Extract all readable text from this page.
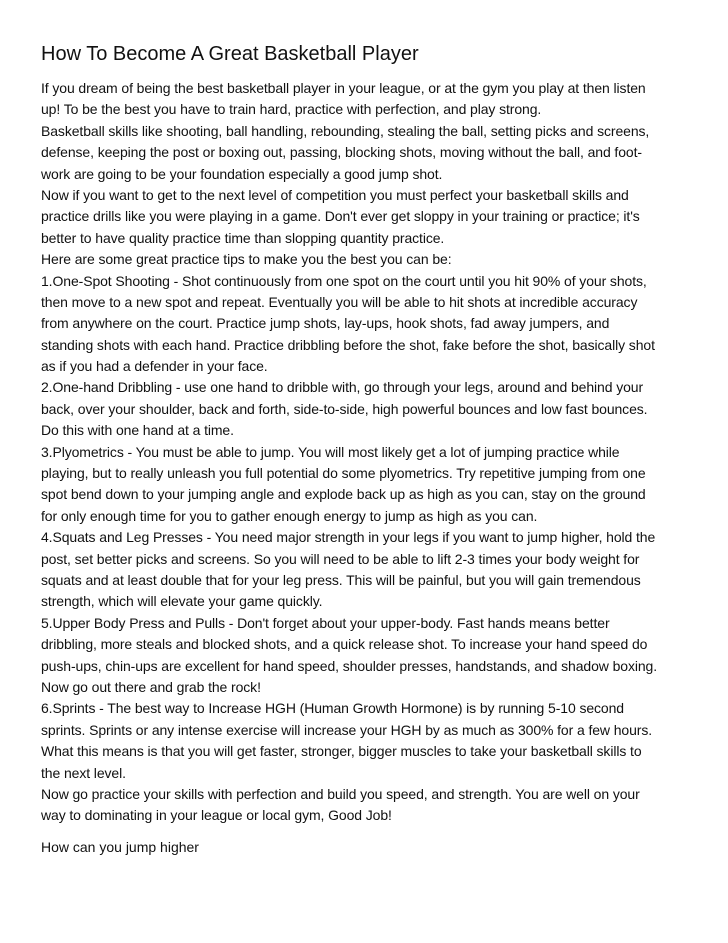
How To Become A Great Basketball Player
If you dream of being the best basketball player in your league, or at the gym you play at then listen
up! To be the best you have to train hard, practice with perfection, and play strong.
Basketball skills like shooting, ball handling, rebounding, stealing the ball, setting picks and screens,
defense, keeping the post or boxing out, passing, blocking shots, moving without the ball, and foot-
work are going to be your foundation especially a good jump shot.
Now if you want to get to the next level of competition you must perfect your basketball skills and
practice drills like you were playing in a game. Don't ever get sloppy in your training or practice; it's
better to have quality practice time than slopping quantity practice.
Here are some great practice tips to make you the best you can be:
1.One-Spot Shooting - Shot continuously from one spot on the court until you hit 90% of your shots,
then move to a new spot and repeat. Eventually you will be able to hit shots at incredible accuracy
from anywhere on the court. Practice jump shots, lay-ups, hook shots, fad away jumpers, and
standing shots with each hand. Practice dribbling before the shot, fake before the shot, basically shot
as if you had a defender in your face.
2.One-hand Dribbling - use one hand to dribble with, go through your legs, around and behind your
back, over your shoulder, back and forth, side-to-side, high powerful bounces and low fast bounces.
Do this with one hand at a time.
3.Plyometrics - You must be able to jump. You will most likely get a lot of jumping practice while
playing, but to really unleash you full potential do some plyometrics. Try repetitive jumping from one
spot bend down to your jumping angle and explode back up as high as you can, stay on the ground
for only enough time for you to gather enough energy to jump as high as you can.
4.Squats and Leg Presses - You need major strength in your legs if you want to jump higher, hold the
post, set better picks and screens. So you will need to be able to lift 2-3 times your body weight for
squats and at least double that for your leg press. This will be painful, but you will gain tremendous
strength, which will elevate your game quickly.
5.Upper Body Press and Pulls - Don't forget about your upper-body. Fast hands means better
dribbling, more steals and blocked shots, and a quick release shot. To increase your hand speed do
push-ups, chin-ups are excellent for hand speed, shoulder presses, handstands, and shadow boxing.
Now go out there and grab the rock!
6.Sprints - The best way to Increase HGH (Human Growth Hormone) is by running 5-10 second
sprints. Sprints or any intense exercise will increase your HGH by as much as 300% for a few hours.
What this means is that you will get faster, stronger, bigger muscles to take your basketball skills to
the next level.
Now go practice your skills with perfection and build you speed, and strength. You are well on your
way to dominating in your league or local gym, Good Job!
How can you jump higher
